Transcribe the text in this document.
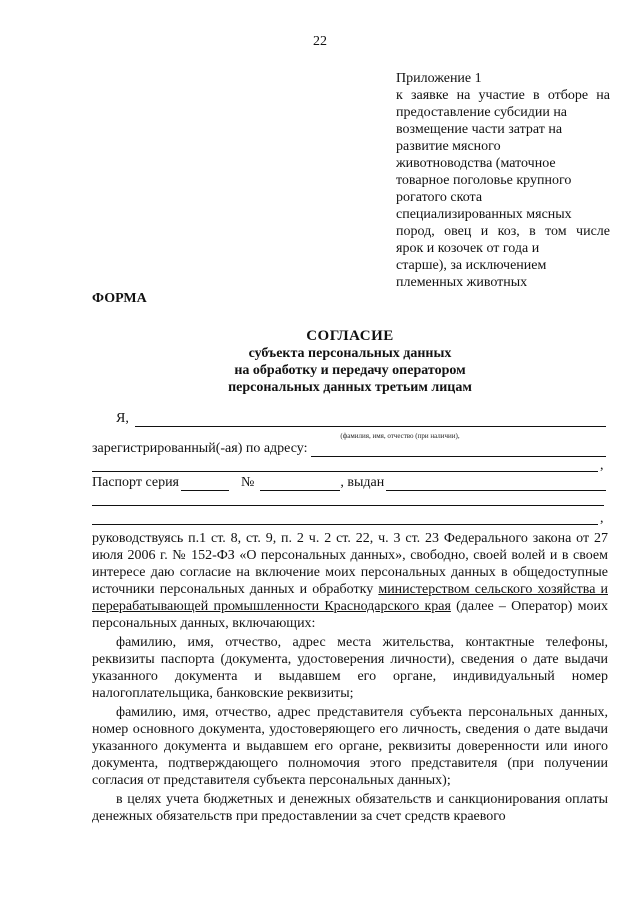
22
Приложение 1
к заявке на участие в отборе на
предоставление субсидии на
возмещение части затрат на
развитие мясного
животноводства (маточное
товарное поголовье крупного
рогатого скота
специализированных мясных
пород, овец и коз, в том числе
ярок и козочек от года и
старше), за исключением
племенных животных
ФОРМА
СОГЛАСИЕ
субъекта персональных данных
на обработку и передачу оператором
персональных данных третьим лицам
Я,
(фамилия, имя, отчество (при наличии),
зарегистрированный(-ая) по адресу:
,
Паспорт серия	№	, выдан
,

руководствуясь п.1 ст. 8, ст. 9, п. 2 ч. 2 ст. 22, ч. 3 ст. 23 Федерального закона от 27 июля 2006 г. № 152-ФЗ «О персональных данных», свободно, своей волей и в своем интересе даю согласие на включение моих персональных данных в общедоступные источники персональных данных и обработку министерством сельского хозяйства и перерабатывающей промышленности Краснодарского края (далее – Оператор) моих персональных данных, включающих:

фамилию, имя, отчество, адрес места жительства, контактные телефоны, реквизиты паспорта (документа, удостоверения личности), сведения о дате выдачи указанного документа и выдавшем его органе, индивидуальный номер налогоплательщика, банковские реквизиты;

фамилию, имя, отчество, адрес представителя субъекта персональных данных, номер основного документа, удостоверяющего его личность, сведения о дате выдачи указанного документа и выдавшем его органе, реквизиты доверенности или иного документа, подтверждающего полномочия этого представителя (при получении согласия от представителя субъекта персональных данных);

в целях учета бюджетных и денежных обязательств и санкционирования оплаты денежных обязательств при предоставлении за счет средств краевого
